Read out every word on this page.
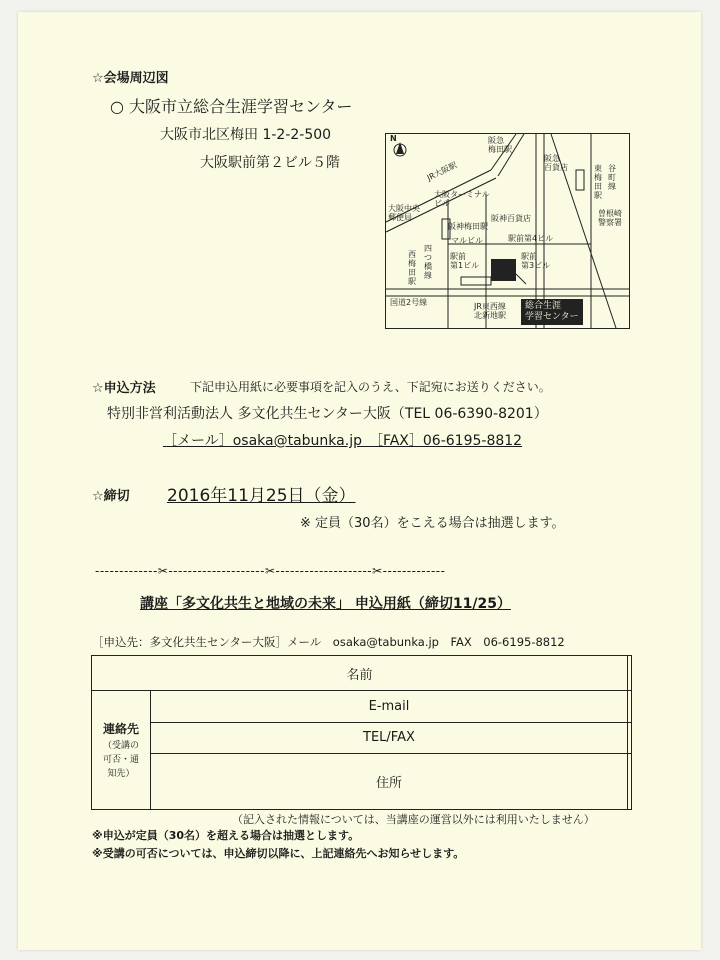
☆会場周辺図
○ 大阪市立総合生涯学習センター
大阪市北区梅田 1-2-2-500
大阪駅前第２ビル５階
N	阪急
梅田駅
阪急
百貨店	東梅田駅
谷町線
曽根崎
警察署
JR大阪駅
大阪ターミナル
ビル
大阪中央
郵便局
阪神梅田駅
阪神百貨店
マルビル	駅前第4ビル
四つ橋線
西梅田駅
駅前
第1ビル
駅前
第3ビル
国道2号線	JR東西線
北新地駅
総合生涯
学習センター
☆申込方法	下記申込用紙に必要事項を記入のうえ、下記宛にお送りください。
特別非営利活動法人 多文化共生センター大阪（TEL 06-6390-8201）
［メール］osaka@tabunka.jp　［FAX］06-6195-8812
☆締切 2016年11月25日（金）
※ 定員（30名）をこえる場合は抽選します。
-------------✂--------------------✂--------------------✂-------------
講座「多文化共生と地域の未来」 申込用紙（締切11/25）
［申込先：多文化共生センター大阪］メール　osaka@tabunka.jp　FAX　06-6195-8812
名前		

連絡先
（受講の
可否・通
知先）	E-mail	
	TEL/FAX	
	住所	
（記入された情報については、当講座の運営以外には利用いたしません）
※申込が定員（30名）を超える場合は抽選とします。
※受講の可否については、申込締切以降に、上記連絡先へお知らせします。
